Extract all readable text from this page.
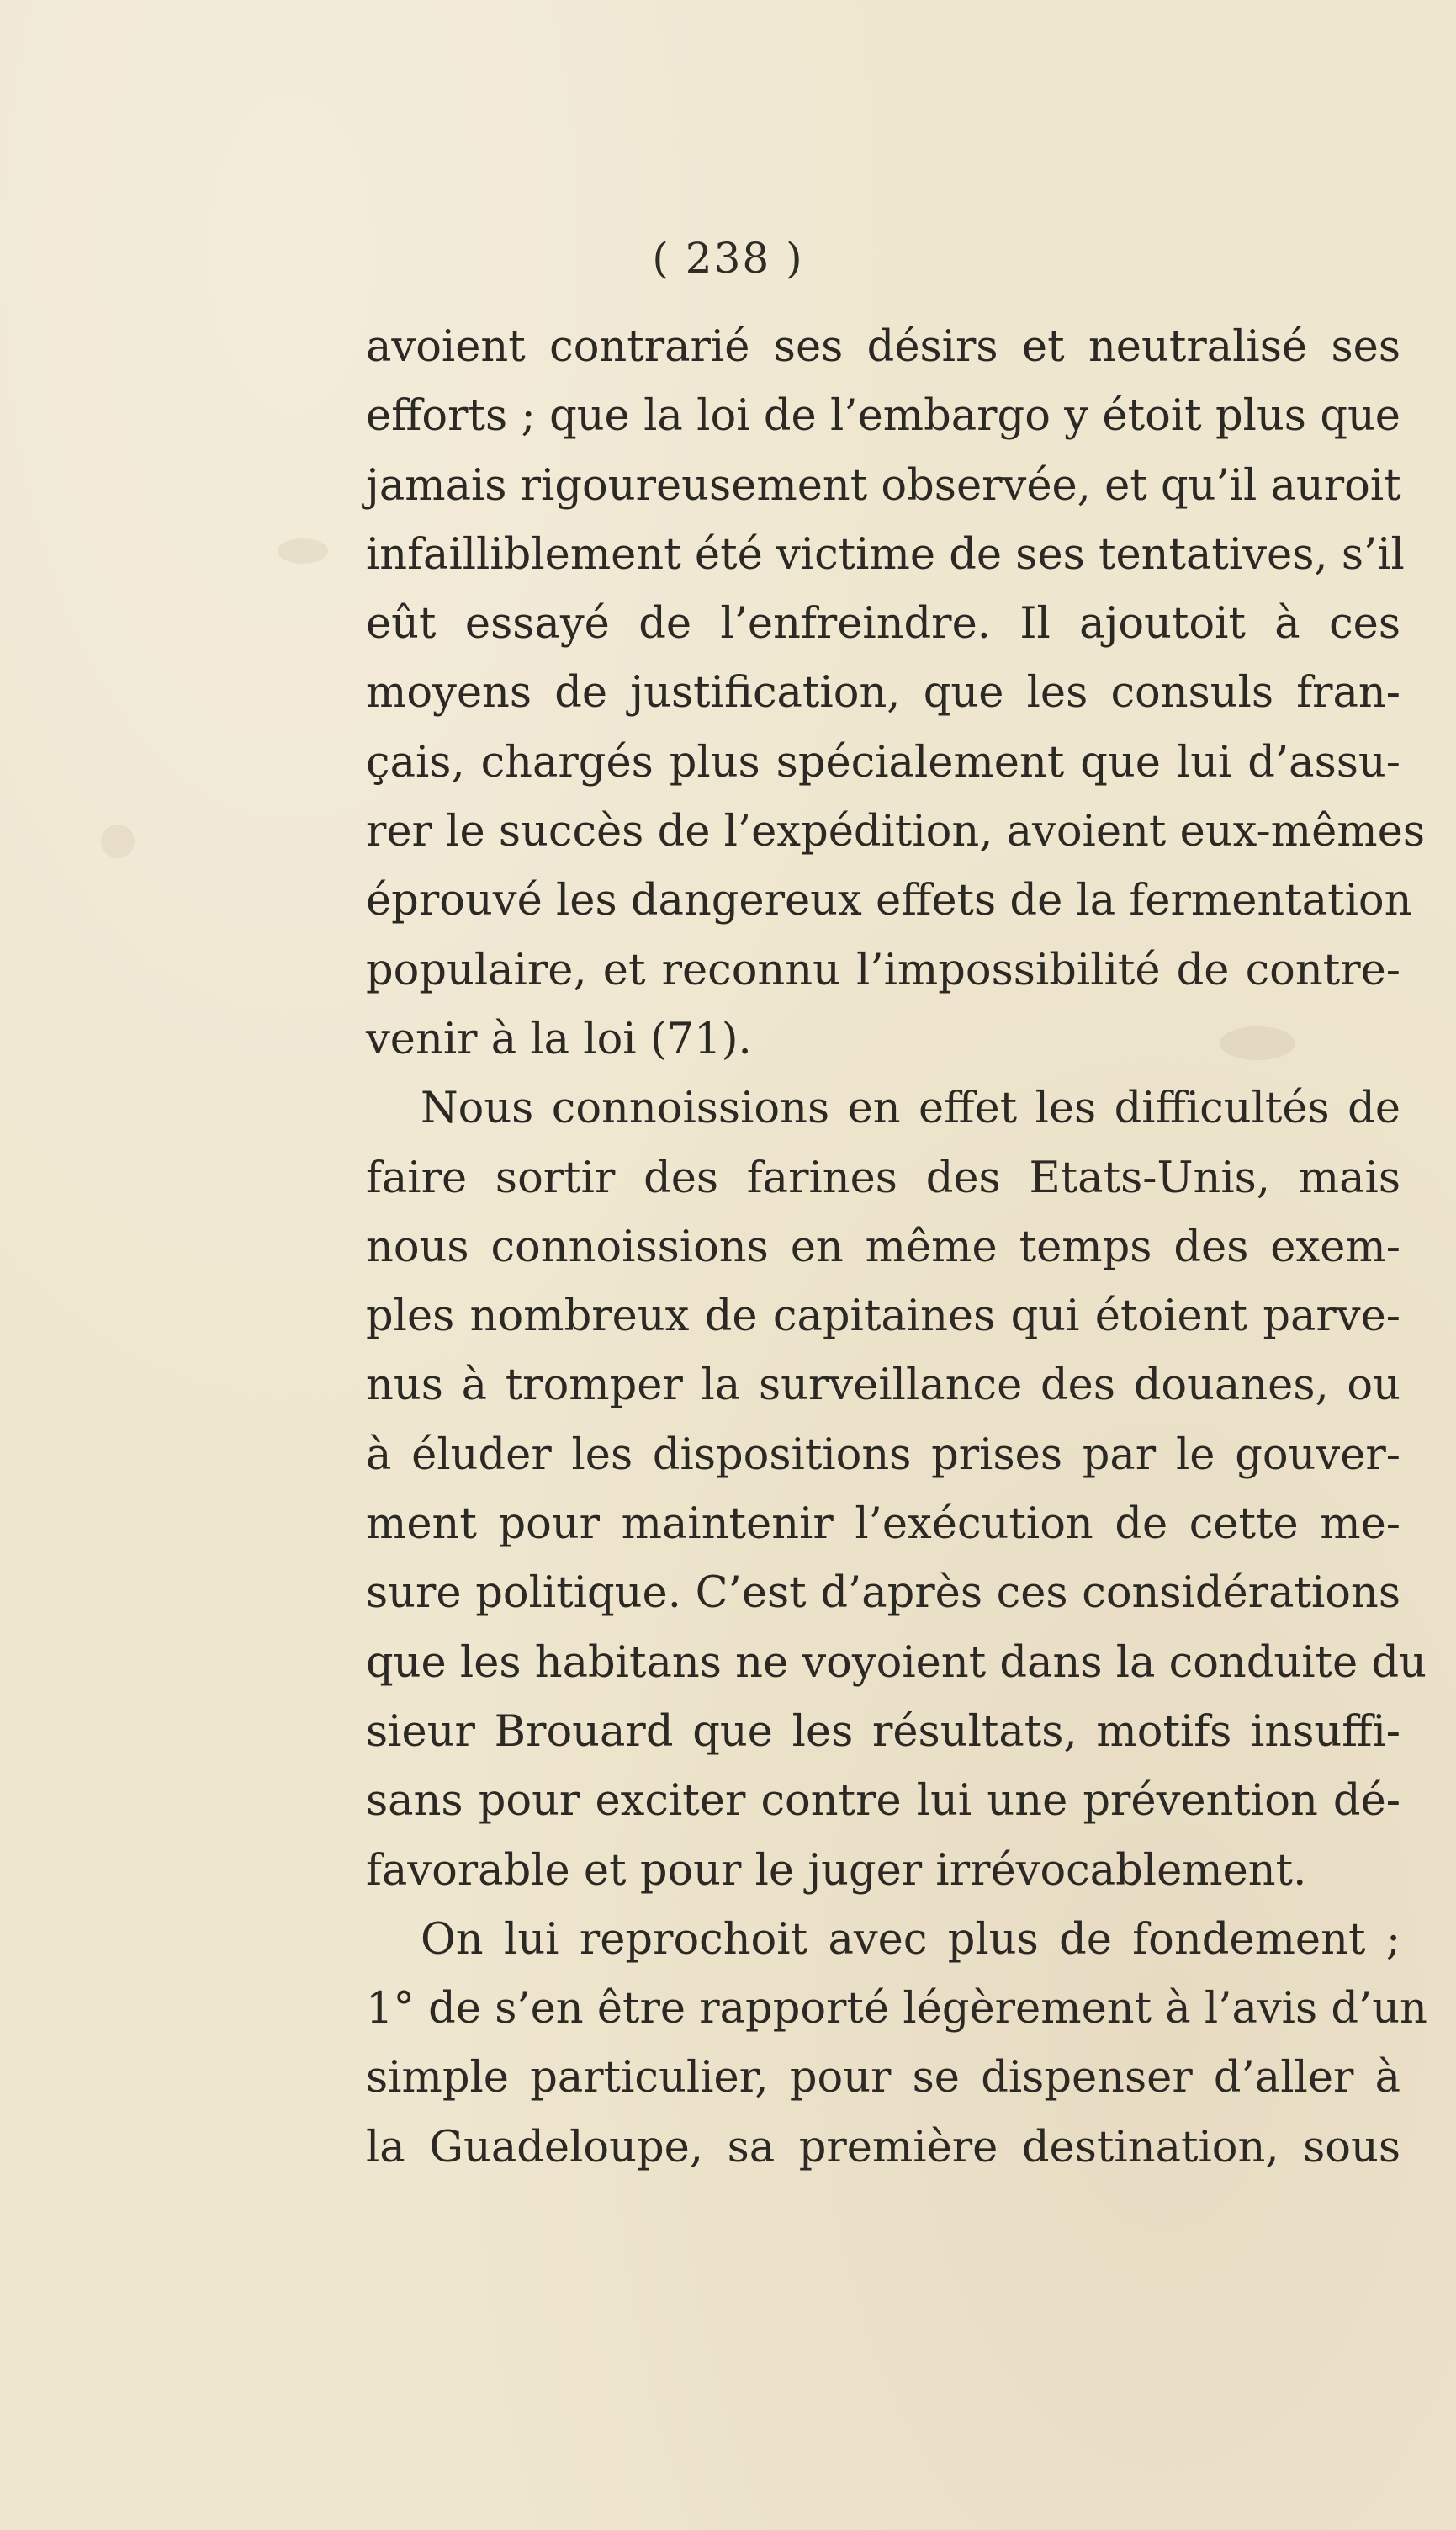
( 238 )
avoient contrarié ses désirs et neutralisé ses
efforts ; que la loi de l’embargo y étoit plus que
jamais rigoureusement observée, et qu’il auroit
infailliblement été victime de ses tentatives, s’il
eût essayé de l’enfreindre. Il ajoutoit à ces
moyens de justification, que les consuls fran-
çais, chargés plus spécialement que lui d’assu-
rer le succès de l’expédition, avoient eux-mêmes
éprouvé les dangereux effets de la fermentation
populaire, et reconnu l’impossibilité de contre-
venir à la loi (71).
Nous connoissions en effet les difficultés de
faire sortir des farines des Etats-Unis, mais
nous connoissions en même temps des exem-
ples nombreux de capitaines qui étoient parve-
nus à tromper la surveillance des douanes, ou
à éluder les dispositions prises par le gouver-
ment pour maintenir l’exécution de cette me-
sure politique. C’est d’après ces considérations
que les habitans ne voyoient dans la conduite du
sieur Brouard que les résultats, motifs insuffi-
sans pour exciter contre lui une prévention dé-
favorable et pour le juger irrévocablement.
On lui reprochoit avec plus de fondement ;
1° de s’en être rapporté légèrement à l’avis d’un
simple particulier, pour se dispenser d’aller à
la Guadeloupe, sa première destination, sous
